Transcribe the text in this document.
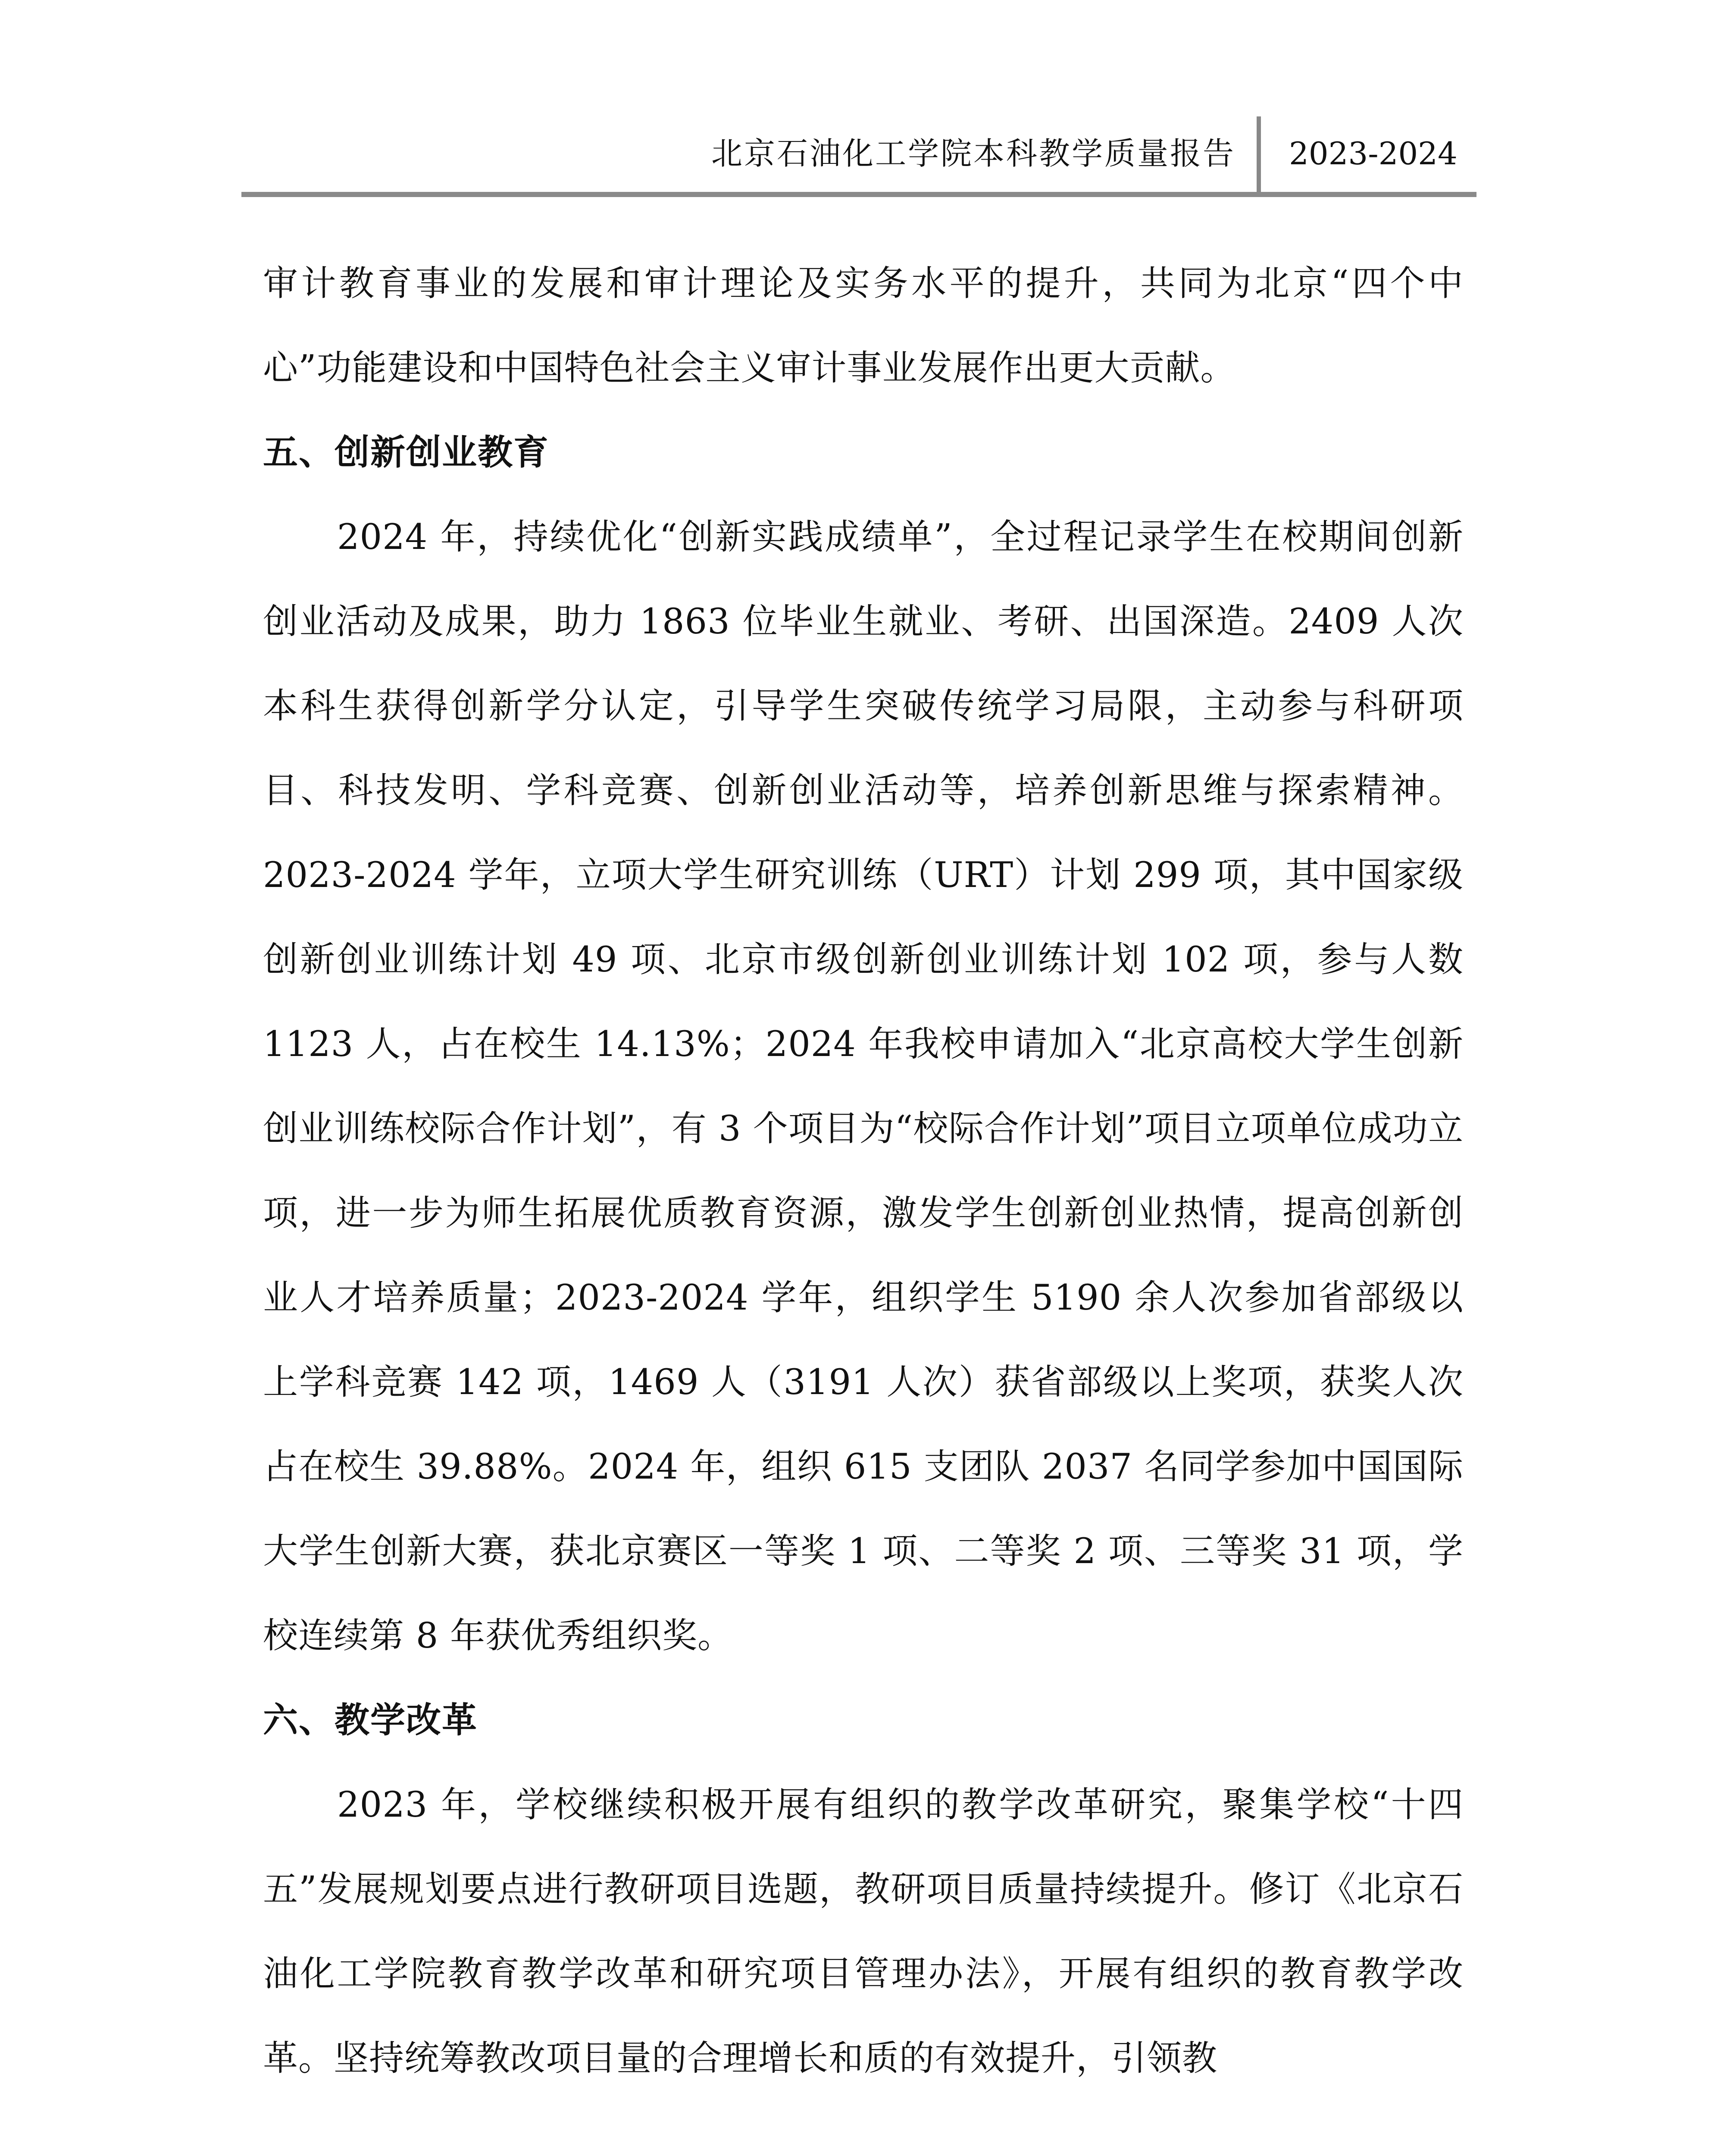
北京石油化工学院本科教学质量报告 2023-2024

审计教育事业的发展和审计理论及实务水平的提升，共同为北京“四个中心”功能建设和中国特色社会主义审计事业发展作出更大贡献。

五、创新创业教育

2024 年，持续优化“创新实践成绩单”，全过程记录学生在校期间创新创业活动及成果，助力 1863 位毕业生就业、考研、出国深造。2409 人次本科生获得创新学分认定，引导学生突破传统学习局限，主动参与科研项目、科技发明、学科竞赛、创新创业活动等，培养创新思维与探索精神。2023-2024 学年，立项大学生研究训练（URT）计划 299 项，其中国家级创新创业训练计划 49 项、北京市级创新创业训练计划 102 项，参与人数 1123 人，占在校生 14.13%；2024 年我校申请加入“北京高校大学生创新创业训练校际合作计划”，有 3 个项目为“校际合作计划”项目立项单位成功立项，进一步为师生拓展优质教育资源，激发学生创新创业热情，提高创新创业人才培养质量；2023-2024 学年，组织学生 5190 余人次参加省部级以上学科竞赛 142 项，1469 人（3191 人次）获省部级以上奖项，获奖人次占在校生 39.88%。2024 年，组织 615 支团队 2037 名同学参加中国国际大学生创新大赛，获北京赛区一等奖 1 项、二等奖 2 项、三等奖 31 项，学校连续第 8 年获优秀组织奖。

六、教学改革

2023 年，学校继续积极开展有组织的教学改革研究，聚集学校“十四五”发展规划要点进行教研项目选题，教研项目质量持续提升。修订《北京石油化工学院教育教学改革和研究项目管理办法》，开展有组织的教育教学改革。坚持统筹教改项目量的合理增长和质的有效提升，引领教
